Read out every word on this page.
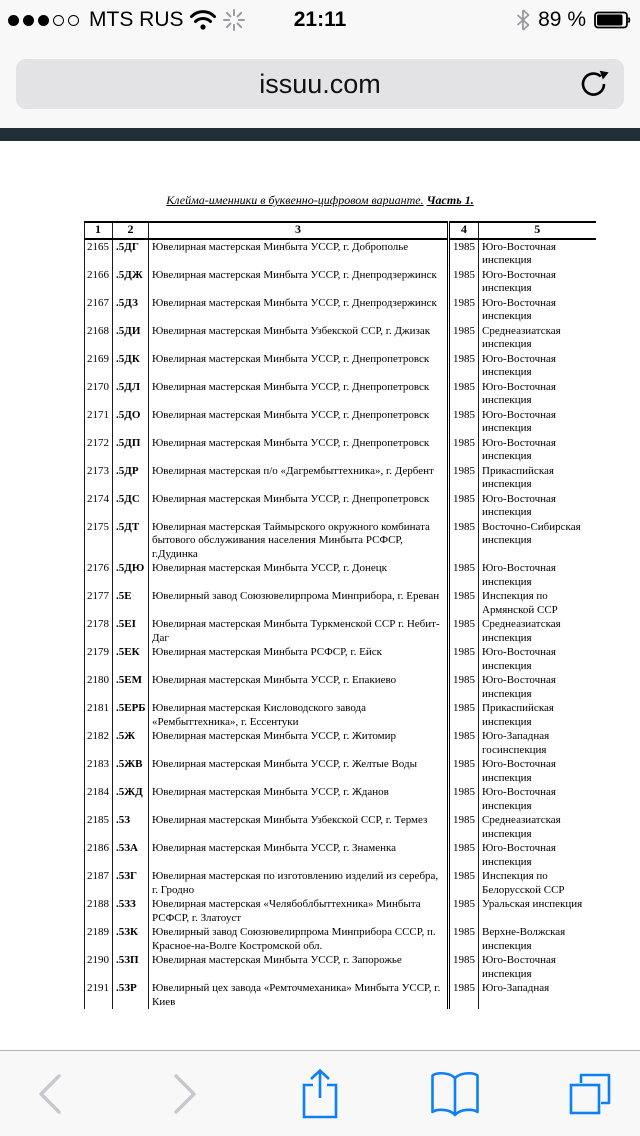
MTS RUS	21:11	89 %
issuu.com
Клейма-именники в буквенно-цифровом варианте. Часть 1.
1	2	3	4	5
2165	.5ДГ	Ювелирная мастерская Минбыта УССР, г. Доброполье	1985	Юго-Восточная инспекция
2166	.5ДЖ	Ювелирная мастерская Минбыта УССР, г. Днепродзержинск	1985	Юго-Восточная инспекция
2167	.5ДЗ	Ювелирная мастерская Минбыта УССР, г. Днепродзержинск	1985	Юго-Восточная инспекция
2168	.5ДИ	Ювелирная мастерская Минбыта Узбекской ССР, г. Джизак	1985	Среднеазиатская инспекция
2169	.5ДК	Ювелирная мастерская Минбыта УССР, г. Днепропетровск	1985	Юго-Восточная инспекция
2170	.5ДЛ	Ювелирная мастерская Минбыта УССР, г. Днепропетровск	1985	Юго-Восточная инспекция
2171	.5ДО	Ювелирная мастерская Минбыта УССР, г. Днепропетровск	1985	Юго-Восточная инспекция
2172	.5ДП	Ювелирная мастерская Минбыта УССР, г. Днепропетровск	1985	Юго-Восточная инспекция
2173	.5ДР	Ювелирная мастерская п/о «Дагрембыттехника», г. Дербент	1985	Прикаспийская инспекция
2174	.5ДС	Ювелирная мастерская Минбыта УССР, г. Днепропетровск	1985	Юго-Восточная инспекция
2175	.5ДТ	Ювелирная мастерская Таймырского окружного комбината бытового обслуживания населения Минбыта РСФСР, г.Дудинка	1985	Восточно-Сибирская инспекция
2176	.5ДЮ	Ювелирная мастерская Минбыта УССР, г. Донецк	1985	Юго-Восточная инспекция
2177	.5Е	Ювелирный завод Союзювелирпрома Минприбора, г. Ереван	1985	Инспекция по Армянской ССР
2178	.5ЕІ	Ювелирная мастерская Минбыта Туркменской ССР г. Небит-Даг	1985	Среднеазиатская инспекция
2179	.5ЕК	Ювелирная мастерская Минбыта РСФСР, г. Ейск	1985	Юго-Восточная инспекция
2180	.5ЕМ	Ювелирная мастерская Минбыта УССР, г. Епакиево	1985	Юго-Восточная инспекция
2181	.5ЕРБ	Ювелирная мастерская Кисловодского завода «Рембыттехника», г. Ессентуки	1985	Прикаспийская инспекция
2182	.5Ж	Ювелирная мастерская Минбыта УССР, г. Житомир	1985	Юго-Западная госинспекция
2183	.5ЖВ	Ювелирная мастерская Минбыта УССР, г. Желтые Воды	1985	Юго-Восточная инспекция
2184	.5ЖД	Ювелирная мастерская Минбыта УССР, г. Жданов	1985	Юго-Восточная инспекция
2185	.5З	Ювелирная мастерская Минбыта Узбекской ССР, г. Термез	1985	Среднеазиатская инспекция
2186	.5ЗА	Ювелирная мастерская Минбыта УССР, г. Знаменка	1985	Юго-Восточная инспекция
2187	.5ЗГ	Ювелирная мастерская по изготовлению изделий из серебра, г. Гродно	1985	Инспекция по Белорусской ССР
2188	.5ЗЗ	Ювелирная мастерская «Челябоблбыттехника» Минбыта РСФСР, г. Златоуст	1985	Уральская инспекция
2189	.5ЗК	Ювелирный завод Союзювелирпрома Минприбора СССР, п. Красное-на-Волге Костромской обл.	1985	Верхне-Волжская инспекция
2190	.5ЗП	Ювелирная мастерская Минбыта УССР, г. Запорожье	1985	Юго-Восточная инспекция
2191	.5ЗР	Ювелирный цех завода «Ремточмеханика» Минбыта УССР, г. Киев	1985	Юго-Западная
